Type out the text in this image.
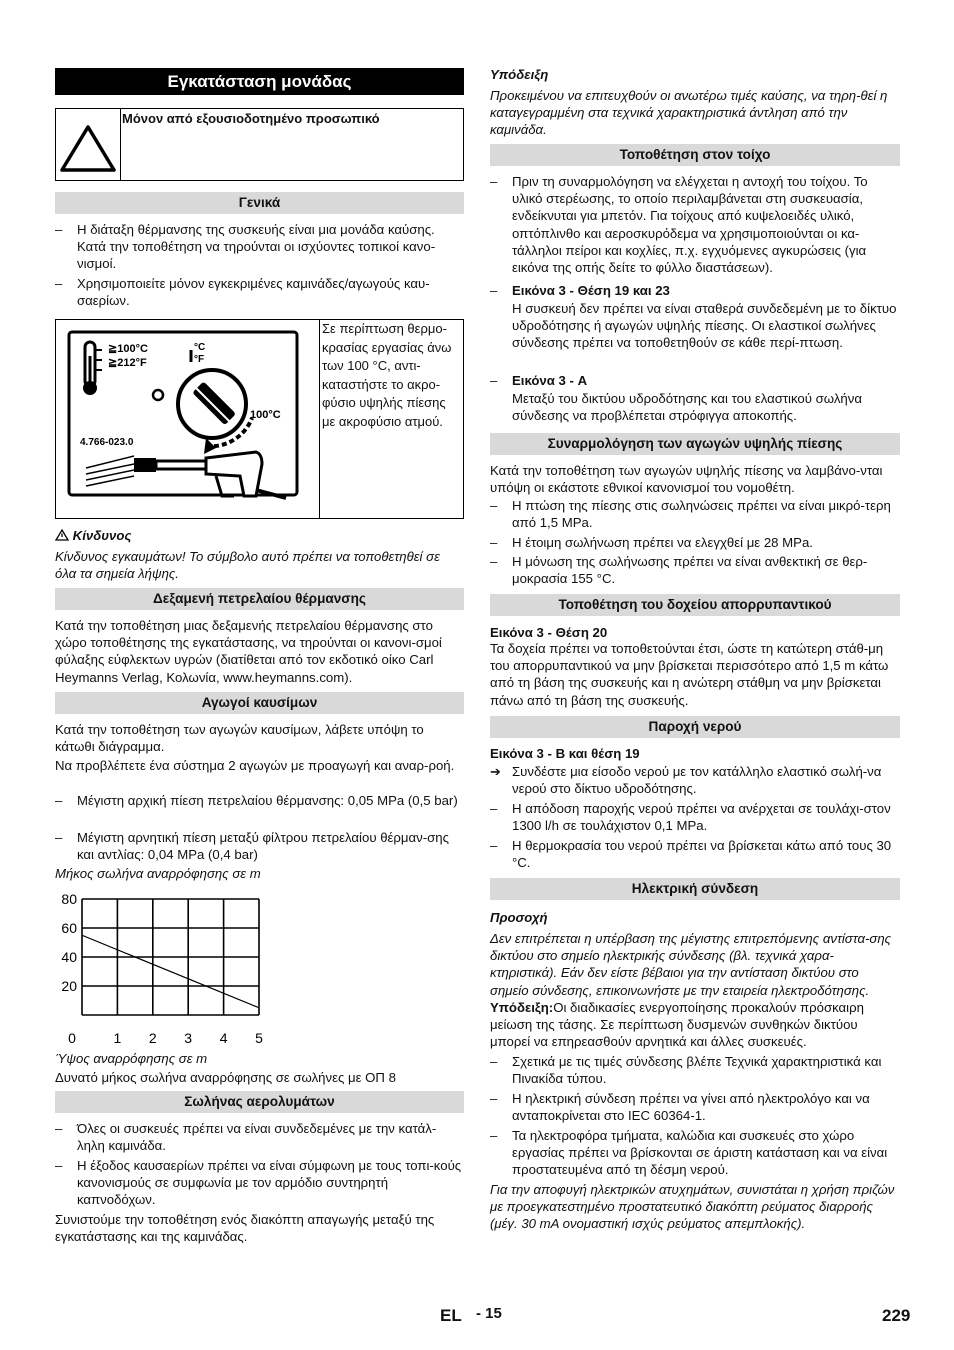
Εγκατάσταση μονάδας
Μόνον από εξουσιοδοτημένο προσωπικό
Γενικά
– Η διάταξη θέρμανσης της συσκευής είναι μια μονάδα καύσης. Κατά την τοποθέτηση να τηρούνται οι ισχύοντες τοπικοί κανο-νισμοί.
– Χρησιμοποιείτε μόνον εγκεκριμένες καμινάδες/αγωγούς καυ-σαερίων.
≧100°C
≧212°F
°C
°F
100°C
4.766-023.0
Σε περίπτωση θερμο-κρασίας εργασίας άνω των 100 °C, αντι-καταστήστε το ακρο-φύσιο υψηλής πίεσης με ακροφύσιο ατμού.
Κίνδυνος
Κίνδυνος εγκαυμάτων! Το σύμβολο αυτό πρέπει να τοποθετηθεί σε όλα τα σημεία λήψης.
Δεξαμενή πετρελαίου θέρμανσης
Κατά την τοποθέτηση μιας δεξαμενής πετρελαίου θέρμανσης στο χώρο τοποθέτησης της εγκατάστασης, να τηρούνται οι κανονι-σμοί φύλαξης εύφλεκτων υγρών (διατίθεται από τον εκδοτικό οίκο Carl Heymanns Verlag, Κολωνία, www.heymanns.com).
Αγωγοί καυσίμων
Κατά την τοποθέτηση των αγωγών καυσίμων, λάβετε υπόψη το κάτωθι διάγραμμα.
Να προβλέπετε ένα σύστημα 2 αγωγών με προαγωγή και αναρ-ροή.
– Μέγιστη αρχική πίεση πετρελαίου θέρμανσης: 0,05 MPa (0,5 bar)
– Μέγιστη αρνητική πίεση μεταξύ φίλτρου πετρελαίου θέρμαν-σης και αντλίας: 0,04 MPa (0,4 bar)
Μήκος σωλήνα αναρρόφησης σε m
20
40
60
80
0	1 2 3 4 5
Ύψος αναρρόφησης σε m
Δυνατό μήκος σωλήνα αναρρόφησης σε σωλήνες με ΟΠ 8
Σωλήνας αερολυμάτων
– Όλες οι συσκευές πρέπει να είναι συνδεδεμένες με την κατάλ-ληλη καμινάδα.
– Η έξοδος καυσαερίων πρέπει να είναι σύμφωνη με τους τοπι-κούς κανονισμούς σε συμφωνία με τον αρμόδιο συντηρητή καπνοδόχων.
Συνιστούμε την τοποθέτηση ενός διακόπτη απαγωγής μεταξύ της εγκατάστασης και της καμινάδας.
Υπόδειξη
Προκειμένου να επιτευχθούν οι ανωτέρω τιμές καύσης, να τηρη-θεί η καταγεγραμμένη στα τεχνικά χαρακτηριστικά άντληση από την καμινάδα.
Τοποθέτηση στον τοίχο
– Πριν τη συναρμολόγηση να ελέγχεται η αντοχή του τοίχου. Το υλικό στερέωσης, το οποίο περιλαμβάνεται στη συσκευασία, ενδείκνυται για μπετόν. Για τοίχους από κυψελοειδές υλικό, οπτόπλινθο και αεροσκυρόδεμα να χρησιμοποιούνται οι κα-τάλληλοι πείροι και κοχλίες, π.χ. εγχυόμενες αγκυρώσεις (για εικόνα της οπής δείτε το φύλλο διαστάσεων).
– Εικόνα 3 - Θέση 19 και 23
Η συσκευή δεν πρέπει να είναι σταθερά συνδεδεμένη με το δίκτυο υδροδότησης ή αγωγών υψηλής πίεσης. Οι ελαστικοί σωλήνες σύνδεσης πρέπει να τοποθετηθούν σε κάθε περί-πτωση.
– Εικόνα 3 - A
Μεταξύ του δικτύου υδροδότησης και του ελαστικού σωλήνα σύνδεσης να προβλέπεται στρόφιγγα αποκοπής.
Συναρμολόγηση των αγωγών υψηλής πίεσης
Κατά την τοποθέτηση των αγωγών υψηλής πίεσης να λαμβάνο-νται υπόψη οι εκάστοτε εθνικοί κανονισμοί του νομοθέτη.
– Η πτώση της πίεσης στις σωληνώσεις πρέπει να είναι μικρό-τερη από 1,5 MPa.
– Η έτοιμη σωλήνωση πρέπει να ελεγχθεί με 28 MPa.
– Η μόνωση της σωλήνωσης πρέπει να είναι ανθεκτική σε θερ-μοκρασία 155 °C.
Τοποθέτηση του δοχείου απορρυπαντικού
Εικόνα 3 - Θέση 20
Τα δοχεία πρέπει να τοποθετούνται έτσι, ώστε τη κατώτερη στάθ-μη του απορρυπαντικού να μην βρίσκεται περισσότερο από 1,5 m κάτω από τη βάση της συσκευής και η ανώτερη στάθμη να μην βρίσκεται πάνω από τη βάση της συσκευής.
Παροχή νερού
Εικόνα 3 - B και θέση 19
➔ Συνδέστε μια είσοδο νερού με τον κατάλληλο ελαστικό σωλή-να νερού στο δίκτυο υδροδότησης.
– Η απόδοση παροχής νερού πρέπει να ανέρχεται σε τουλάχι-στον 1300 l/h σε τουλάχιστον 0,1 MPa.
– Η θερμοκρασία του νερού πρέπει να βρίσκεται κάτω από τους 30 °C.
Ηλεκτρική σύνδεση
Προσοχή
Δεν επιτρέπεται η υπέρβαση της μέγιστης επιτρεπόμενης αντίστα-σης δικτύου στο σημείο ηλεκτρικής σύνδεσης (βλ. τεχνικά χαρα-κτηριστικά). Εάν δεν είστε βέβαιοι για την αντίσταση δικτύου στο σημείο σύνδεσης, επικοινωνήστε με την εταιρεία ηλεκτροδότησης.
Υπόδειξη:Οι διαδικασίες ενεργοποίησης προκαλούν πρόσκαιρη μείωση της τάσης. Σε περίπτωση δυσμενών συνθηκών δικτύου μπορεί να επηρεασθούν αρνητικά και άλλες συσκευές.
– Σχετικά με τις τιμές σύνδεσης βλέπε Τεχνικά χαρακτηριστικά και Πινακίδα τύπου.
– Η ηλεκτρική σύνδεση πρέπει να γίνει από ηλεκτρολόγο και να ανταποκρίνεται στο IEC 60364-1.
– Τα ηλεκτροφόρα τμήματα, καλώδια και συσκευές στο χώρο εργασίας πρέπει να βρίσκονται σε άριστη κατάσταση και να είναι προστατευμένα από τη δέσμη νερού.
Για την αποφυγή ηλεκτρικών ατυχημάτων, συνιστάται η χρήση πριζών με προεγκατεστημένο προστατευτικό διακόπτη ρεύματος διαρροής (μέγ. 30 mA ονομαστική ισχύς ρεύματος απεμπλοκής).
EL - 15	229
